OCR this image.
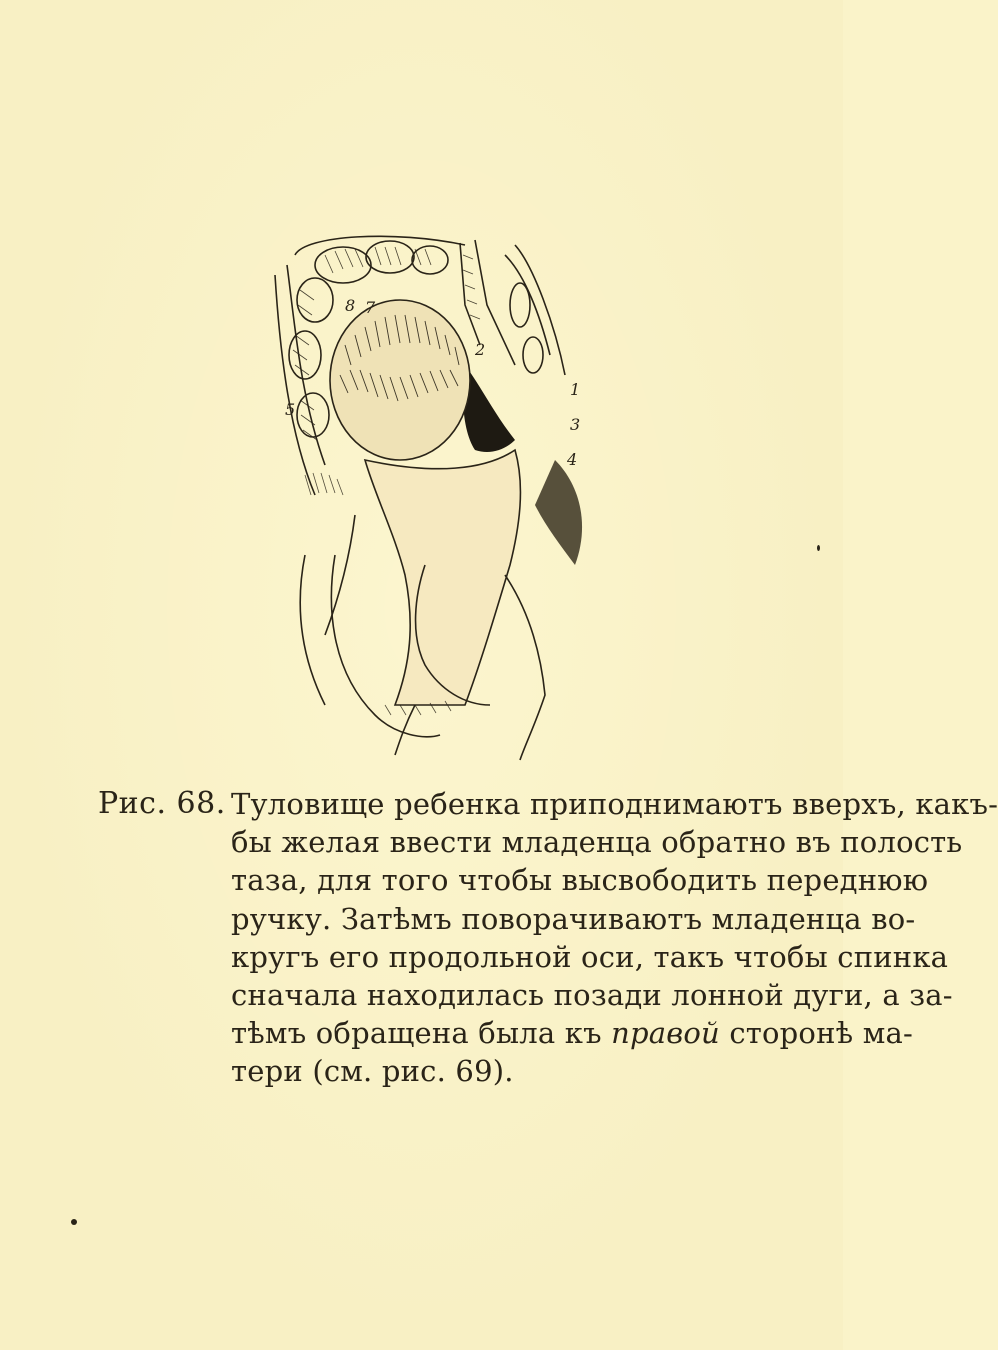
7
2
5
1
3
4
8
Рис. 68. Туловище ребенка приподнимаютъ вверхъ, какъ-
бы желая ввести младенца обратно въ полость
таза, для того чтобы высвободить переднюю
ручку. Затѣмъ поворачиваютъ младенца во-
кругъ его продольной оси, такъ чтобы спинка
сначала находилась позади лонной дуги, а за-
тѣмъ обращена была къ правой сторонѣ ма-
тери (см. рис. 69).
